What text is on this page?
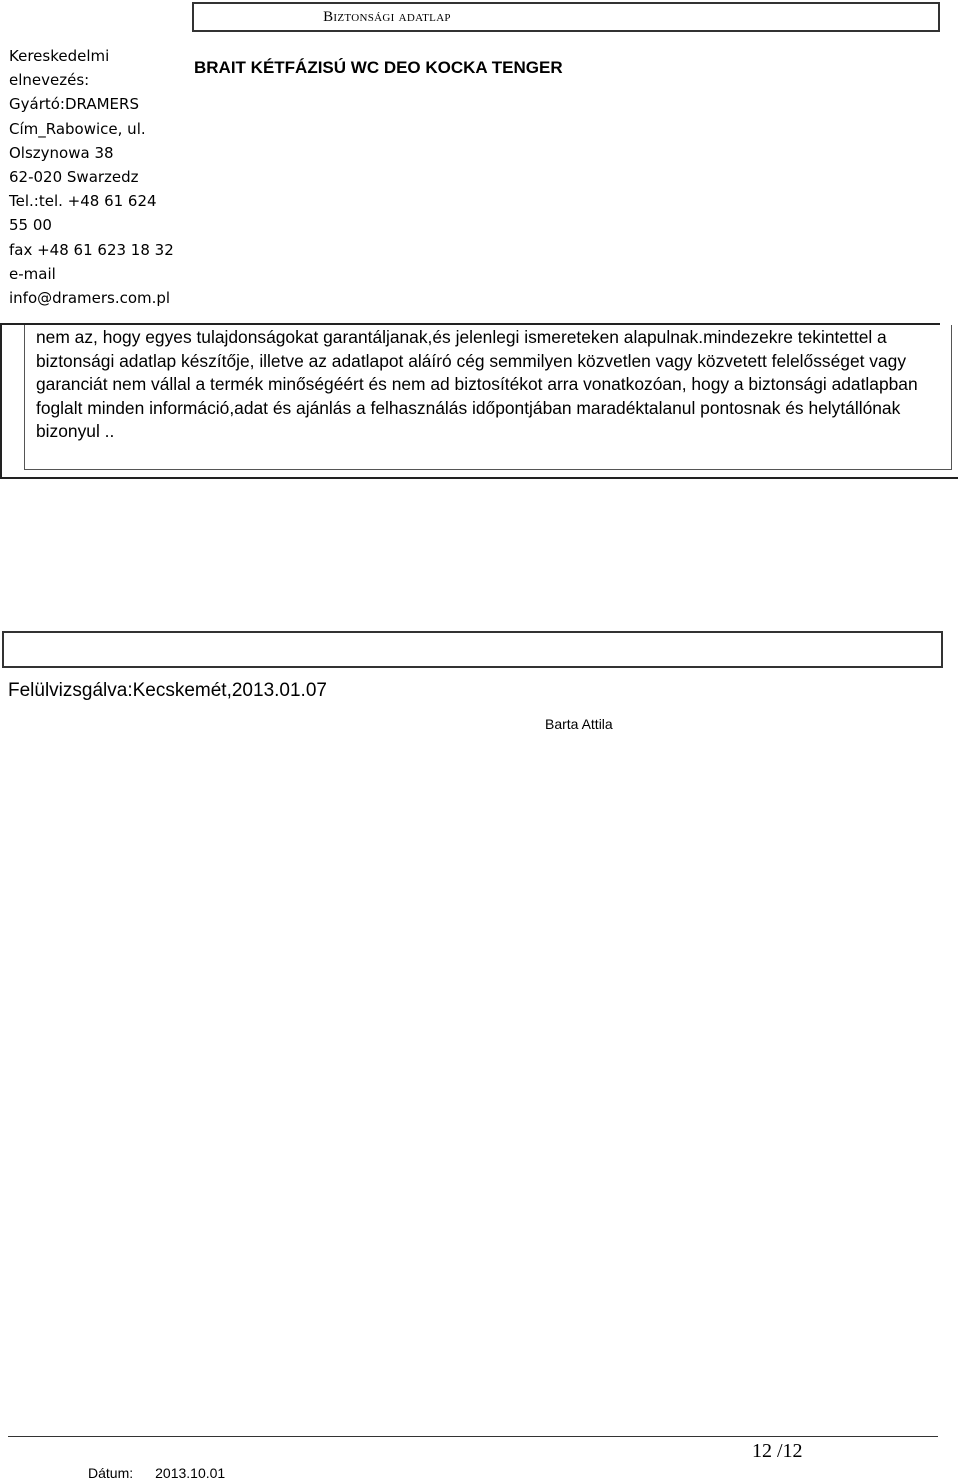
Biztonsági adatlap
Kereskedelmi
elnevezés:
Gyártó:DRAMERS
Cím_Rabowice, ul.
Olszynowa 38
62-020 Swarzedz
Tel.:tel. +48 61 624
55 00
fax +48 61 623 18 32
e-mail
info@dramers.com.pl
BRAIT KÉTFÁZISÚ WC DEO KOCKA TENGER
nem az, hogy egyes tulajdonságokat garantáljanak,és jelenlegi ismereteken alapulnak.mindezekre tekintettel a biztonsági adatlap készítője, illetve az adatlapot aláíró cég semmilyen közvetlen vagy közvetett felelősséget vagy garanciát nem vállal a termék minőségéért és nem ad biztosítékot arra vonatkozóan, hogy a biztonsági adatlapban foglalt minden információ,adat és ajánlás a felhasználás időpontjában maradéktalanul pontosnak és helytállónak bizonyul ..
Felülvizsgálva:Kecskemét,2013.01.07
Barta Attila
12 /12
Dátum: 2013.10.01
